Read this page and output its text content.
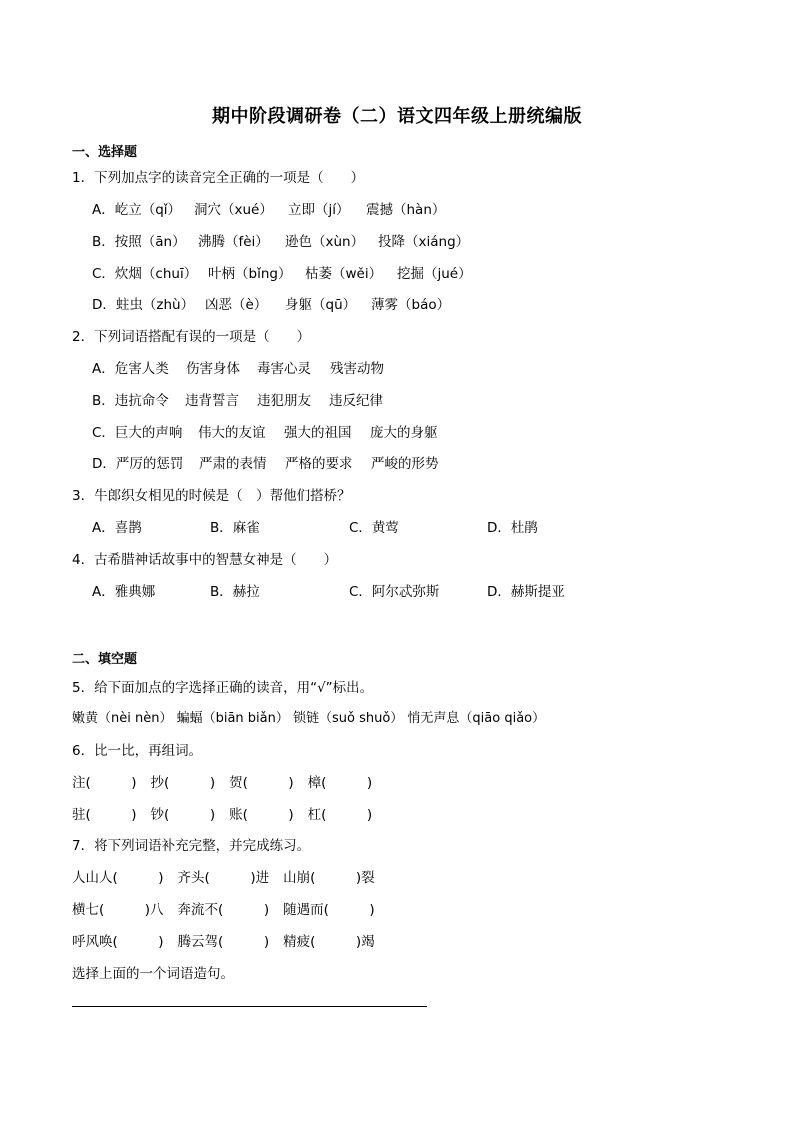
期中阶段调研卷（二）语文四年级上册统编版
一、选择题
1．下列加点字的读音完全正确的一项是（　　）
A．屹立（qǐ） 洞穴（xué） 立即（jí） 震撼（hàn）
B．按照（ān） 沸腾（fèi） 逊色（xùn） 投降（xiáng）
C．炊烟（chuī） 叶柄（bǐng） 枯萎（wěi） 挖掘（jué）
D．蛀虫（zhù） 凶恶（è） 身躯（qū） 薄雾（báo）
2．下列词语搭配有误的一项是（　　）
A．危害人类 伤害身体 毒害心灵 残害动物
B．违抗命令 违背誓言 违犯朋友 违反纪律
C．巨大的声响 伟大的友谊 强大的祖国 庞大的身躯
D．严厉的惩罚 严肃的表情 严格的要求 严峻的形势
3．牛郎织女相见的时候是（　）帮他们搭桥？
A．喜鹊	B．麻雀	C．黄莺	D．杜鹃
4．古希腊神话故事中的智慧女神是（　　）
A．雅典娜	B．赫拉	C．阿尔忒弥斯	D．赫斯提亚
二、填空题
5．给下面加点的字选择正确的读音，用“√”标出。
嫩黄（nèi nèn） 蝙蝠（biān biǎn） 锁链（suǒ shuǒ） 悄无声息（qiāo qiǎo）
6．比一比，再组词。
注(　　　) 抄(　　　) 贺(　　　) 樟(　　　)
驻(　　　) 钞(　　　) 账(　　　) 杠(　　　)
7．将下列词语补充完整，并完成练习。
人山人(　　　) 齐头(　　　)进 山崩(　　　)裂
横七(　　　)八 奔流不(　　　) 随遇而(　　　)
呼风唤(　　　) 腾云驾(　　　) 精疲(　　　)竭
选择上面的一个词语造句。
